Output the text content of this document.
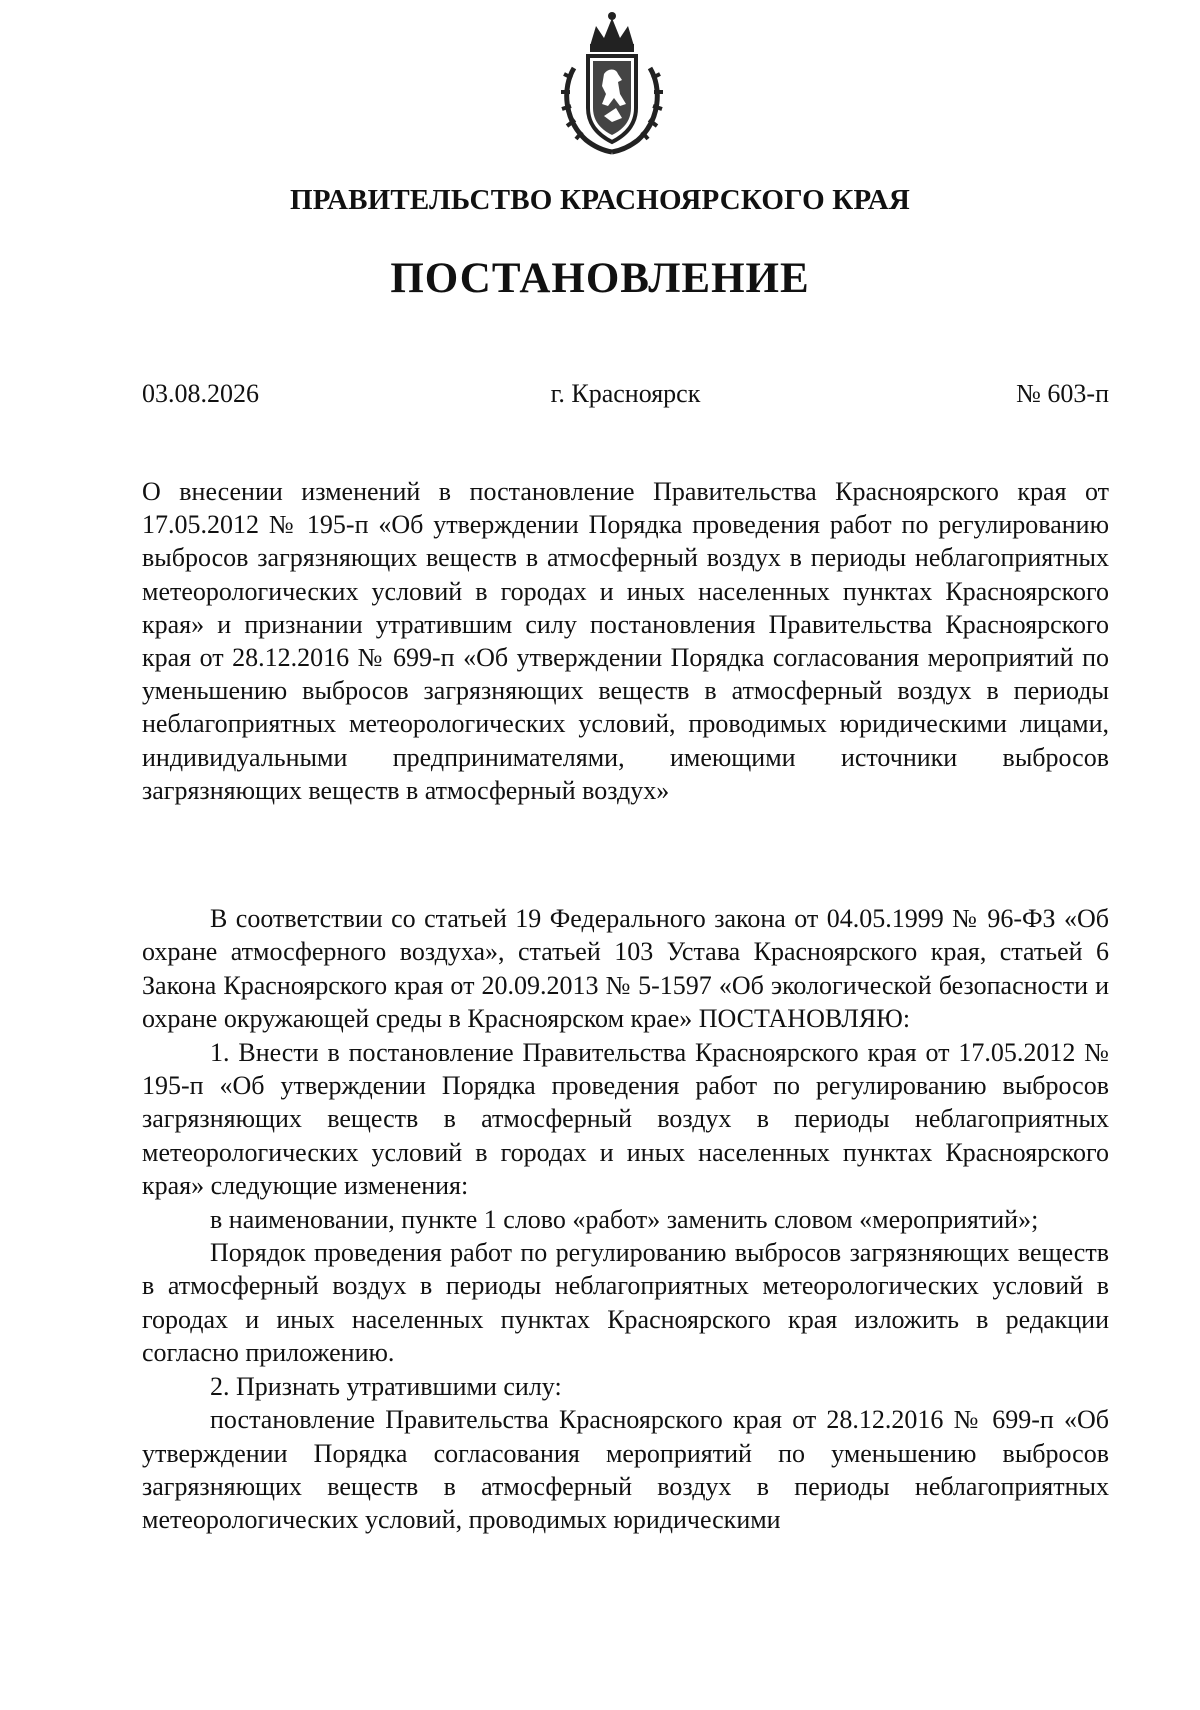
ПРАВИТЕЛЬСТВО КРАСНОЯРСКОГО КРАЯ
ПОСТАНОВЛЕНИЕ
03.08.2026	г. Красноярск	№ 603-п
О внесении изменений в постановление Правительства Красноярского края от 17.05.2012 № 195-п «Об утверждении Порядка проведения работ по регулированию выбросов загрязняющих веществ в атмосферный воздух в периоды неблагоприятных метеорологических условий в городах и иных населенных пунктах Красноярского края» и признании утратившим силу постановления Правительства Красноярского края от 28.12.2016 № 699-п «Об утверждении Порядка согласования мероприятий по уменьшению выбросов загрязняющих веществ в атмосферный воздух в периоды неблагоприятных метеорологических условий, проводимых юридическими лицами, индивидуальными предпринимателями, имеющими источники выбросов загрязняющих веществ в атмосферный воздух»

В соответствии со статьей 19 Федерального закона от 04.05.1999 № 96-ФЗ «Об охране атмосферного воздуха», статьей 103 Устава Красноярского края, статьей 6 Закона Красноярского края от 20.09.2013 № 5-1597 «Об экологической безопасности и охране окружающей среды в Красноярском крае» ПОСТАНОВЛЯЮ:

1. Внести в постановление Правительства Красноярского края от 17.05.2012 № 195-п «Об утверждении Порядка проведения работ по регулированию выбросов загрязняющих веществ в атмосферный воздух в периоды неблагоприятных метеорологических условий в городах и иных населенных пунктах Красноярского края» следующие изменения:

в наименовании, пункте 1 слово «работ» заменить словом «мероприятий»;

Порядок проведения работ по регулированию выбросов загрязняющих веществ в атмосферный воздух в периоды неблагоприятных метеорологических условий в городах и иных населенных пунктах Красноярского края изложить в редакции согласно приложению.

2. Признать утратившими силу:

постановление Правительства Красноярского края от 28.12.2016 № 699-п «Об утверждении Порядка согласования мероприятий по уменьшению выбросов загрязняющих веществ в атмосферный воздух в периоды неблагоприятных метеорологических условий, проводимых юридическими
